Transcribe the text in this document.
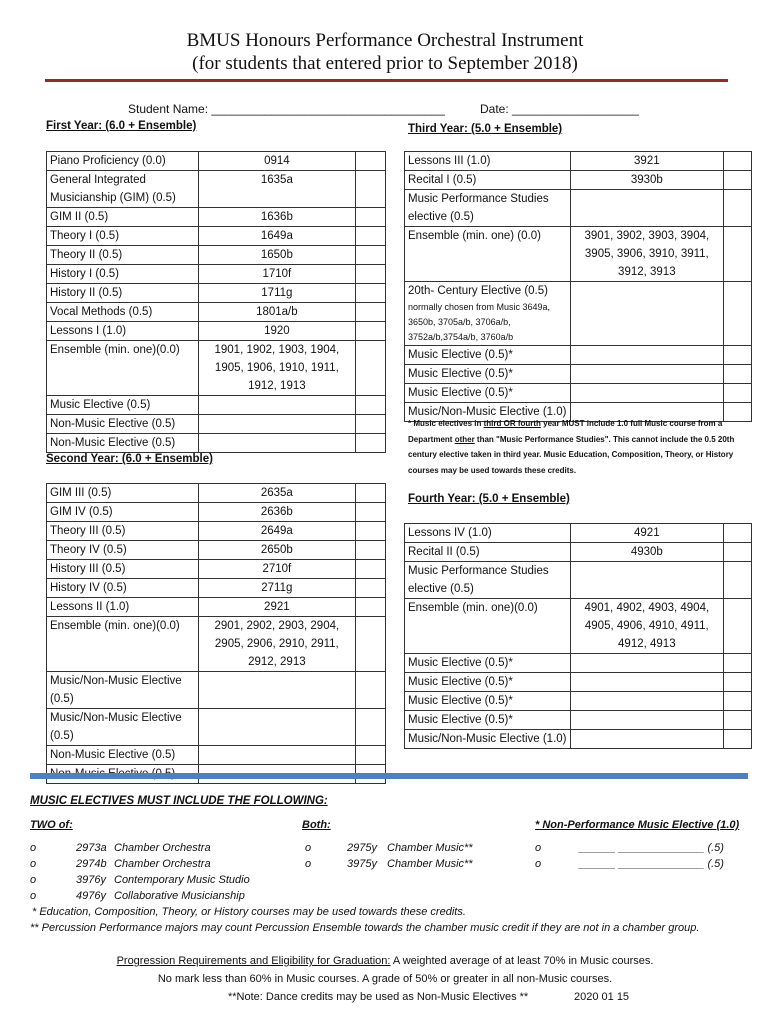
BMUS Honours Performance Orchestral Instrument
(for students that entered prior to September 2018)
Student Name: ___________________________________	Date: ___________________
First Year: (6.0 + Ensemble)
Piano Proficiency (0.0)	0914	

General Integrated Musicianship (GIM) (0.5)	1635a	

GIM II (0.5)	1636b	

Theory I (0.5)	1649a	

Theory II (0.5)	1650b	

History I (0.5)	1710f	

History II (0.5)	1711g	

Vocal Methods (0.5)	1801a/b	

Lessons I (1.0)	1920	

Ensemble (min. one)(0.0)	1901, 1902, 1903, 1904, 1905, 1906, 1910, 1911, 1912, 1913	

Music Elective (0.5)		

Non-Music Elective (0.5)		

Non-Music Elective (0.5)		

Second Year: (6.0 + Ensemble)
GIM III (0.5)	2635a	

GIM IV (0.5)	2636b	

Theory III (0.5)	2649a	

Theory IV (0.5)	2650b	

History III (0.5)	2710f	

History IV (0.5)	2711g	

Lessons II (1.0)	2921	

Ensemble (min. one)(0.0)	2901, 2902, 2903, 2904, 2905, 2906, 2910, 2911, 2912, 2913	

Music/Non-Music Elective (0.5)		

Music/Non-Music Elective (0.5)		

Non-Music Elective (0.5)		

Third Year: (5.0 + Ensemble)
Lessons III (1.0)	3921	

Recital I (0.5)	3930b	

Music Performance Studies elective (0.5)		

Ensemble (min. one) (0.0)	3901, 3902, 3903, 3904, 3905, 3906, 3910, 3911, 3912, 3913	

20th- Century Elective (0.5)
normally chosen from Music 3649a, 3650b, 3705a/b, 3706a/b, 3752a/b,3754a/b, 3760a/b		

Music Elective (0.5)*		

Music Elective (0.5)*		

Music Elective (0.5)*		

Music/Non-Music Elective (1.0)		

* Music electives in third OR fourth year MUST include 1.0 full Music course from a Department other than "Music Performance Studies". This cannot include the 0.5 20th century elective taken in third year. Music Education, Composition, Theory, or History courses may be used towards these credits.
Fourth Year: (5.0 + Ensemble)
Lessons IV (1.0)	4921	

Recital II (0.5)	4930b	

Music Performance Studies elective (0.5)		

Ensemble (min. one)(0.0)	4901, 4902, 4903, 4904, 4905, 4906, 4910, 4911, 4912, 4913	

Music Elective (0.5)*		

Music Elective (0.5)*		

Music Elective (0.5)*		

Music Elective (0.5)*		

Music/Non-Music Elective (1.0)		

MUSIC ELECTIVES MUST INCLUDE THE FOLLOWING:
TWO of:	Both:	* Non-Performance Music Elective (1.0)
o	2973a Chamber Orchestra
o	2974b Chamber Orchestra
o	3976y Contemporary Music Studio
o	4976y Collaborative Musicianship
o	2975y Chamber Music**
o	3975y Chamber Music**
o	______ ______________ (.5)
o	______ ______________ (.5)
* Education, Composition, Theory, or History courses may be used towards these credits.
** Percussion Performance majors may count Percussion Ensemble towards the chamber music credit if they are not in a chamber group.
Progression Requirements and Eligibility for Graduation: A weighted average of at least 70% in Music courses.
No mark less than 60% in Music courses. A grade of 50% or greater in all non-Music courses.
**Note: Dance credits may be used as Non-Music Electives **	2020 01 15
